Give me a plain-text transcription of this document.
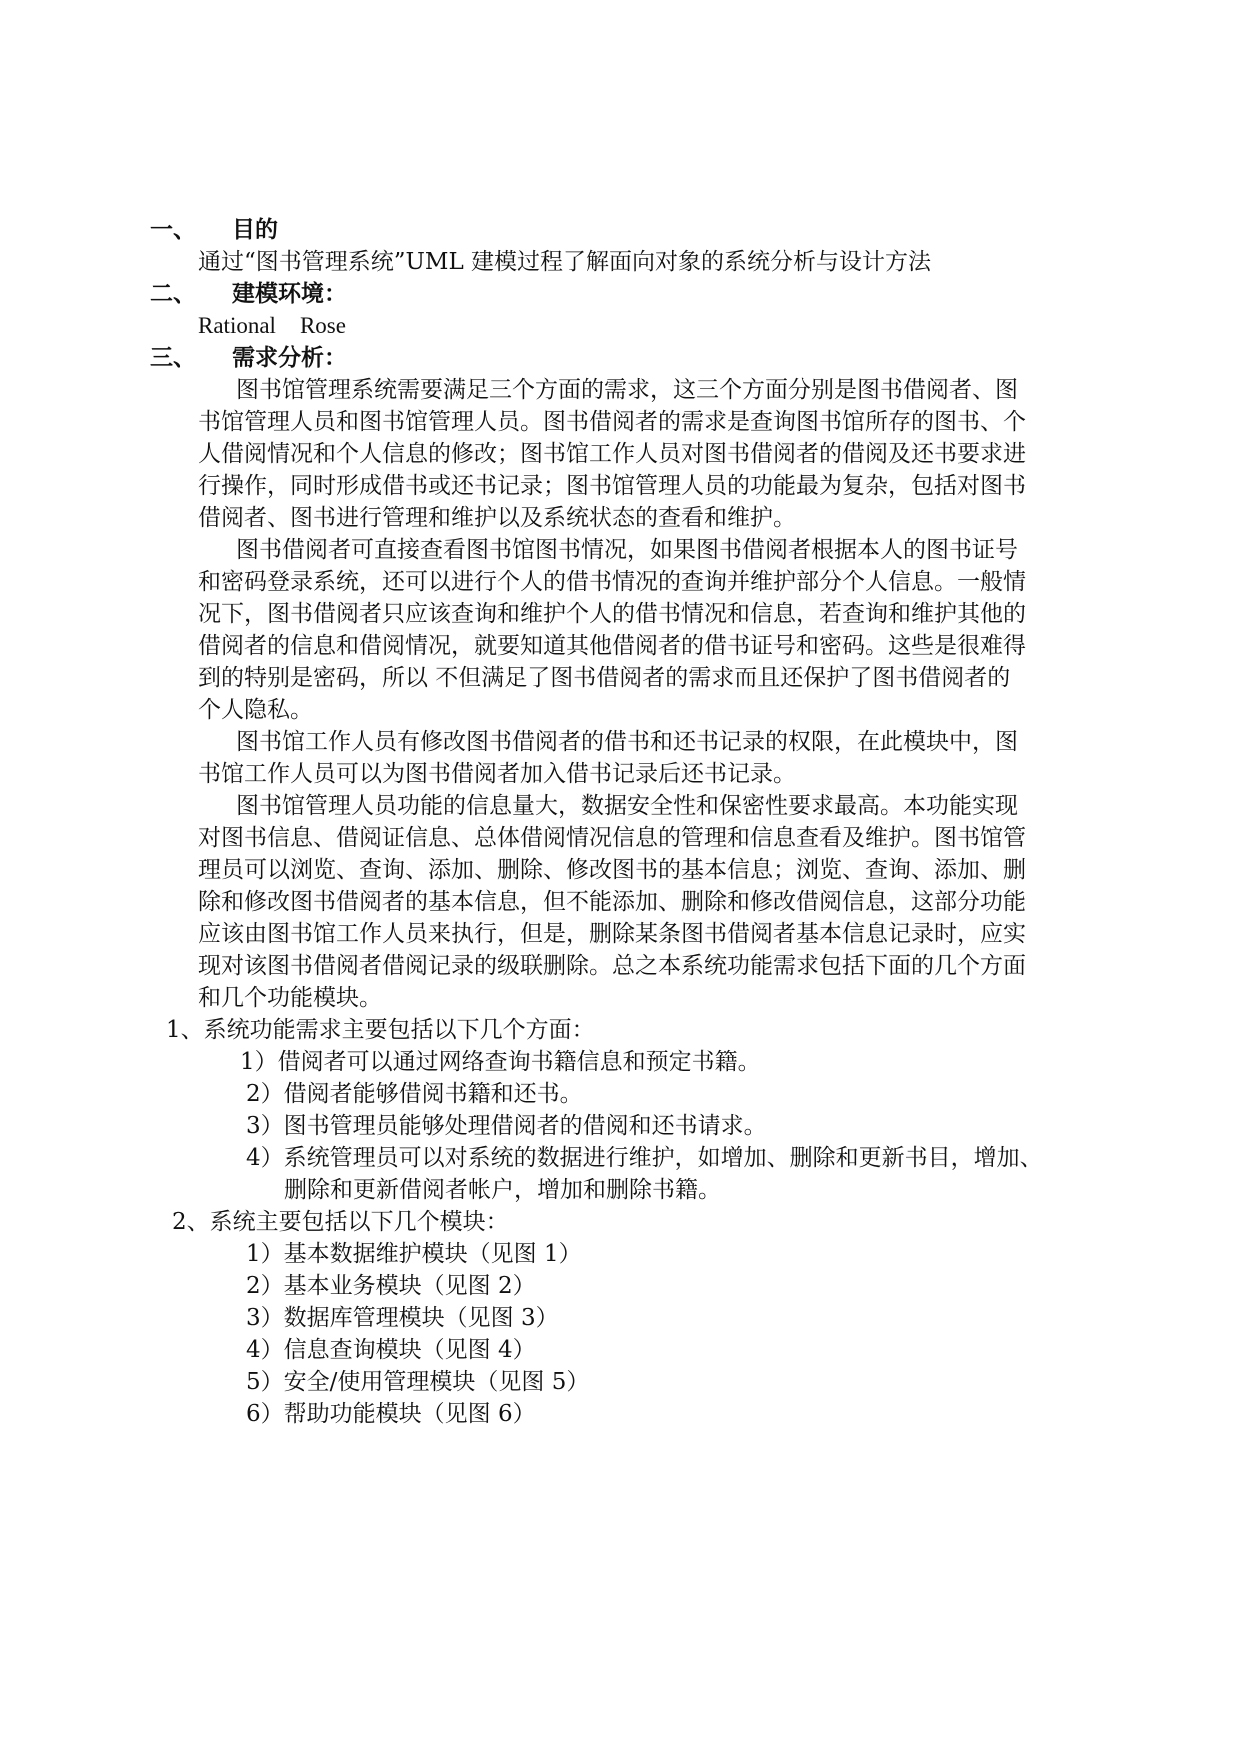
一、 目的
通过“图书管理系统”UML 建模过程了解面向对象的系统分析与设计方法
二、 建模环境：
Rational Rose
三、 需求分析：
图书馆管理系统需要满足三个方面的需求，这三个方面分别是图书借阅者、图
书馆管理人员和图书馆管理人员。图书借阅者的需求是查询图书馆所存的图书、个
人借阅情况和个人信息的修改；图书馆工作人员对图书借阅者的借阅及还书要求进
行操作，同时形成借书或还书记录；图书馆管理人员的功能最为复杂，包括对图书
借阅者、图书进行管理和维护以及系统状态的查看和维护。
图书借阅者可直接查看图书馆图书情况，如果图书借阅者根据本人的图书证号
和密码登录系统，还可以进行个人的借书情况的查询并维护部分个人信息。一般情
况下，图书借阅者只应该查询和维护个人的借书情况和信息，若查询和维护其他的
借阅者的信息和借阅情况，就要知道其他借阅者的借书证号和密码。这些是很难得
到的特别是密码，所以 不但满足了图书借阅者的需求而且还保护了图书借阅者的
个人隐私。
图书馆工作人员有修改图书借阅者的借书和还书记录的权限，在此模块中，图
书馆工作人员可以为图书借阅者加入借书记录后还书记录。
图书馆管理人员功能的信息量大，数据安全性和保密性要求最高。本功能实现
对图书信息、借阅证信息、总体借阅情况信息的管理和信息查看及维护。图书馆管
理员可以浏览、查询、添加、删除、修改图书的基本信息；浏览、查询、添加、删
除和修改图书借阅者的基本信息，但不能添加、删除和修改借阅信息，这部分功能
应该由图书馆工作人员来执行，但是，删除某条图书借阅者基本信息记录时，应实
现对该图书借阅者借阅记录的级联删除。总之本系统功能需求包括下面的几个方面
和几个功能模块。
1、系统功能需求主要包括以下几个方面：
1）借阅者可以通过网络查询书籍信息和预定书籍。
2）借阅者能够借阅书籍和还书。
3）图书管理员能够处理借阅者的借阅和还书请求。
4）系统管理员可以对系统的数据进行维护，如增加、删除和更新书目，增加、
删除和更新借阅者帐户，增加和删除书籍。
2、系统主要包括以下几个模块：
1）基本数据维护模块（见图 1）
2）基本业务模块（见图 2）
3）数据库管理模块（见图 3）
4）信息查询模块（见图 4）
5）安全/使用管理模块（见图 5）
6）帮助功能模块（见图 6）
